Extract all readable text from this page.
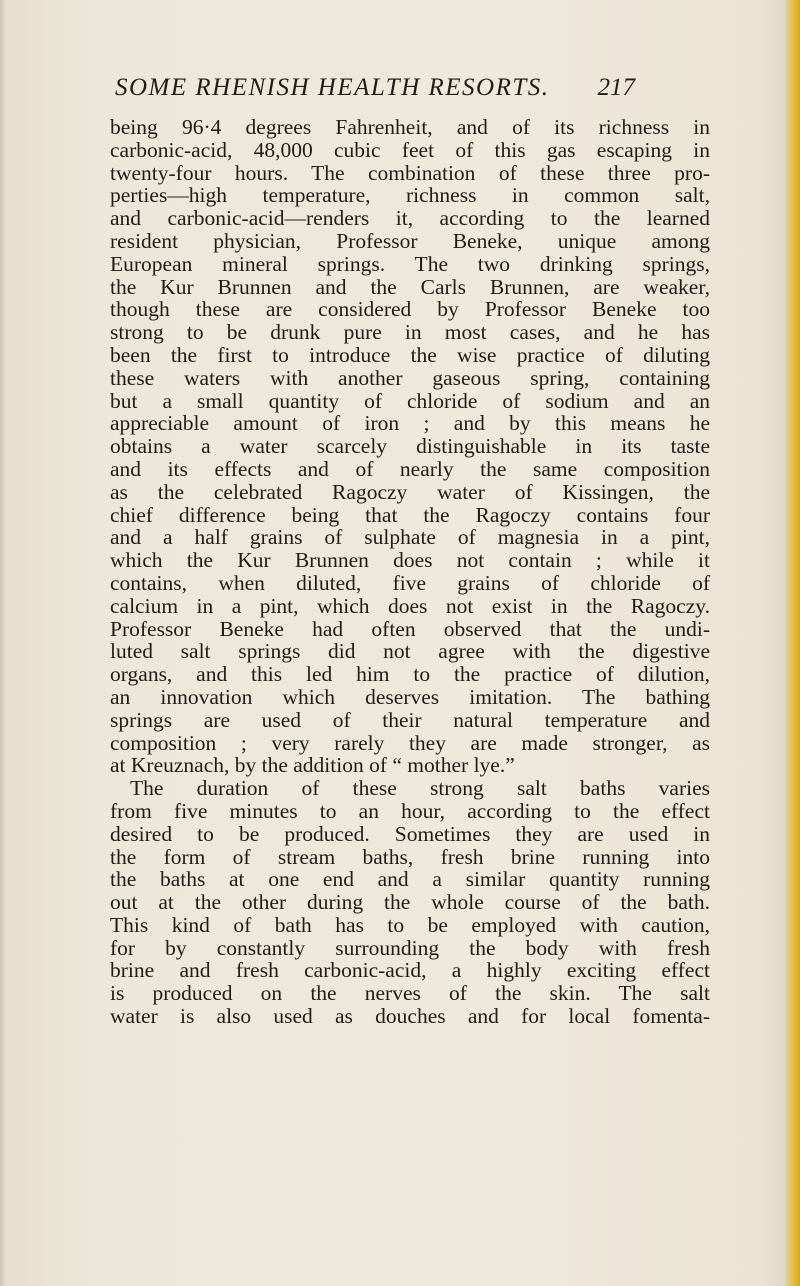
SOME RHENISH HEALTH RESORTS. 217
being 96·4 degrees Fahrenheit, and of its richness in
carbonic-acid, 48,000 cubic feet of this gas escaping in
twenty-four hours. The combination of these three pro-
perties—high temperature, richness in common salt,
and carbonic-acid—renders it, according to the learned
resident physician, Professor Beneke, unique among
European mineral springs. The two drinking springs,
the Kur Brunnen and the Carls Brunnen, are weaker,
though these are considered by Professor Beneke too
strong to be drunk pure in most cases, and he has
been the first to introduce the wise practice of diluting
these waters with another gaseous spring, containing
but a small quantity of chloride of sodium and an
appreciable amount of iron ; and by this means he
obtains a water scarcely distinguishable in its taste
and its effects and of nearly the same composition
as the celebrated Ragoczy water of Kissingen, the
chief difference being that the Ragoczy contains four
and a half grains of sulphate of magnesia in a pint,
which the Kur Brunnen does not contain ; while it
contains, when diluted, five grains of chloride of
calcium in a pint, which does not exist in the Ragoczy.
Professor Beneke had often observed that the undi-
luted salt springs did not agree with the digestive
organs, and this led him to the practice of dilution,
an innovation which deserves imitation. The bathing
springs are used of their natural temperature and
composition ; very rarely they are made stronger, as
at Kreuznach, by the addition of “ mother lye.”
The duration of these strong salt baths varies
from five minutes to an hour, according to the effect
desired to be produced. Sometimes they are used in
the form of stream baths, fresh brine running into
the baths at one end and a similar quantity running
out at the other during the whole course of the bath.
This kind of bath has to be employed with caution,
for by constantly surrounding the body with fresh
brine and fresh carbonic-acid, a highly exciting effect
is produced on the nerves of the skin. The salt
water is also used as douches and for local fomenta-
